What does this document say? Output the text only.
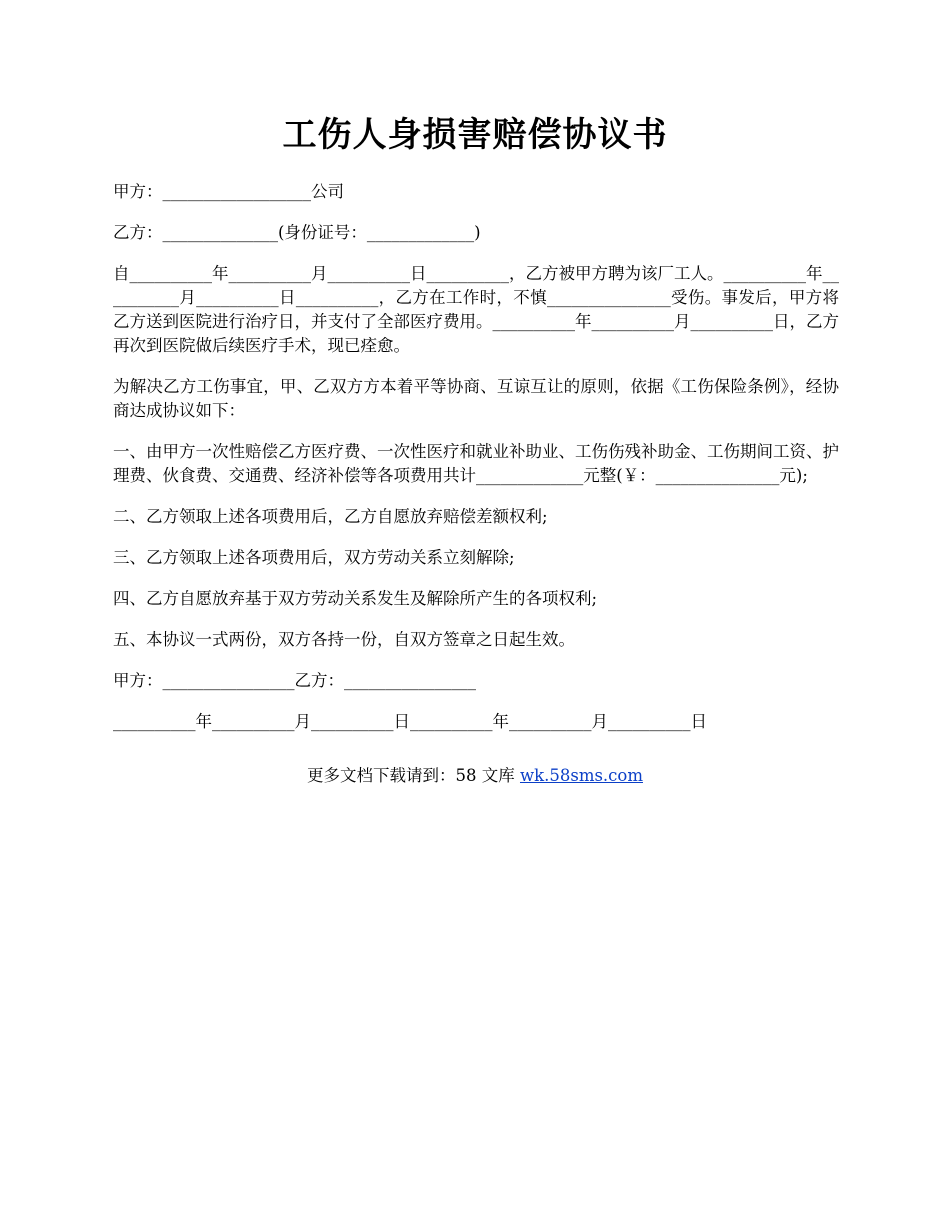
工伤人身损害赔偿协议书

甲方：__________________公司

乙方：______________(身份证号：_____________)

自__________年__________月__________日__________，乙方被甲方聘为该厂工人。__________年__________月__________日__________，乙方在工作时，不慎_______________受伤。事发后，甲方将乙方送到医院进行治疗日，并支付了全部医疗费用。__________年__________月__________日，乙方再次到医院做后续医疗手术，现已痊愈。

为解决乙方工伤事宜，甲、乙双方方本着平等协商、互谅互让的原则，依据《工伤保险条例》，经协商达成协议如下：

一、由甲方一次性赔偿乙方医疗费、一次性医疗和就业补助业、工伤伤残补助金、工伤期间工资、护理费、伙食费、交通费、经济补偿等各项费用共计_____________元整(￥：_______________元);

二、乙方领取上述各项费用后，乙方自愿放弃赔偿差额权利;

三、乙方领取上述各项费用后，双方劳动关系立刻解除;

四、乙方自愿放弃基于双方劳动关系发生及解除所产生的各项权利;

五、本协议一式两份，双方各持一份，自双方签章之日起生效。

甲方：________________乙方：________________

__________年__________月__________日__________年__________月__________日

更多文档下载请到：58 文库 wk.58sms.com
